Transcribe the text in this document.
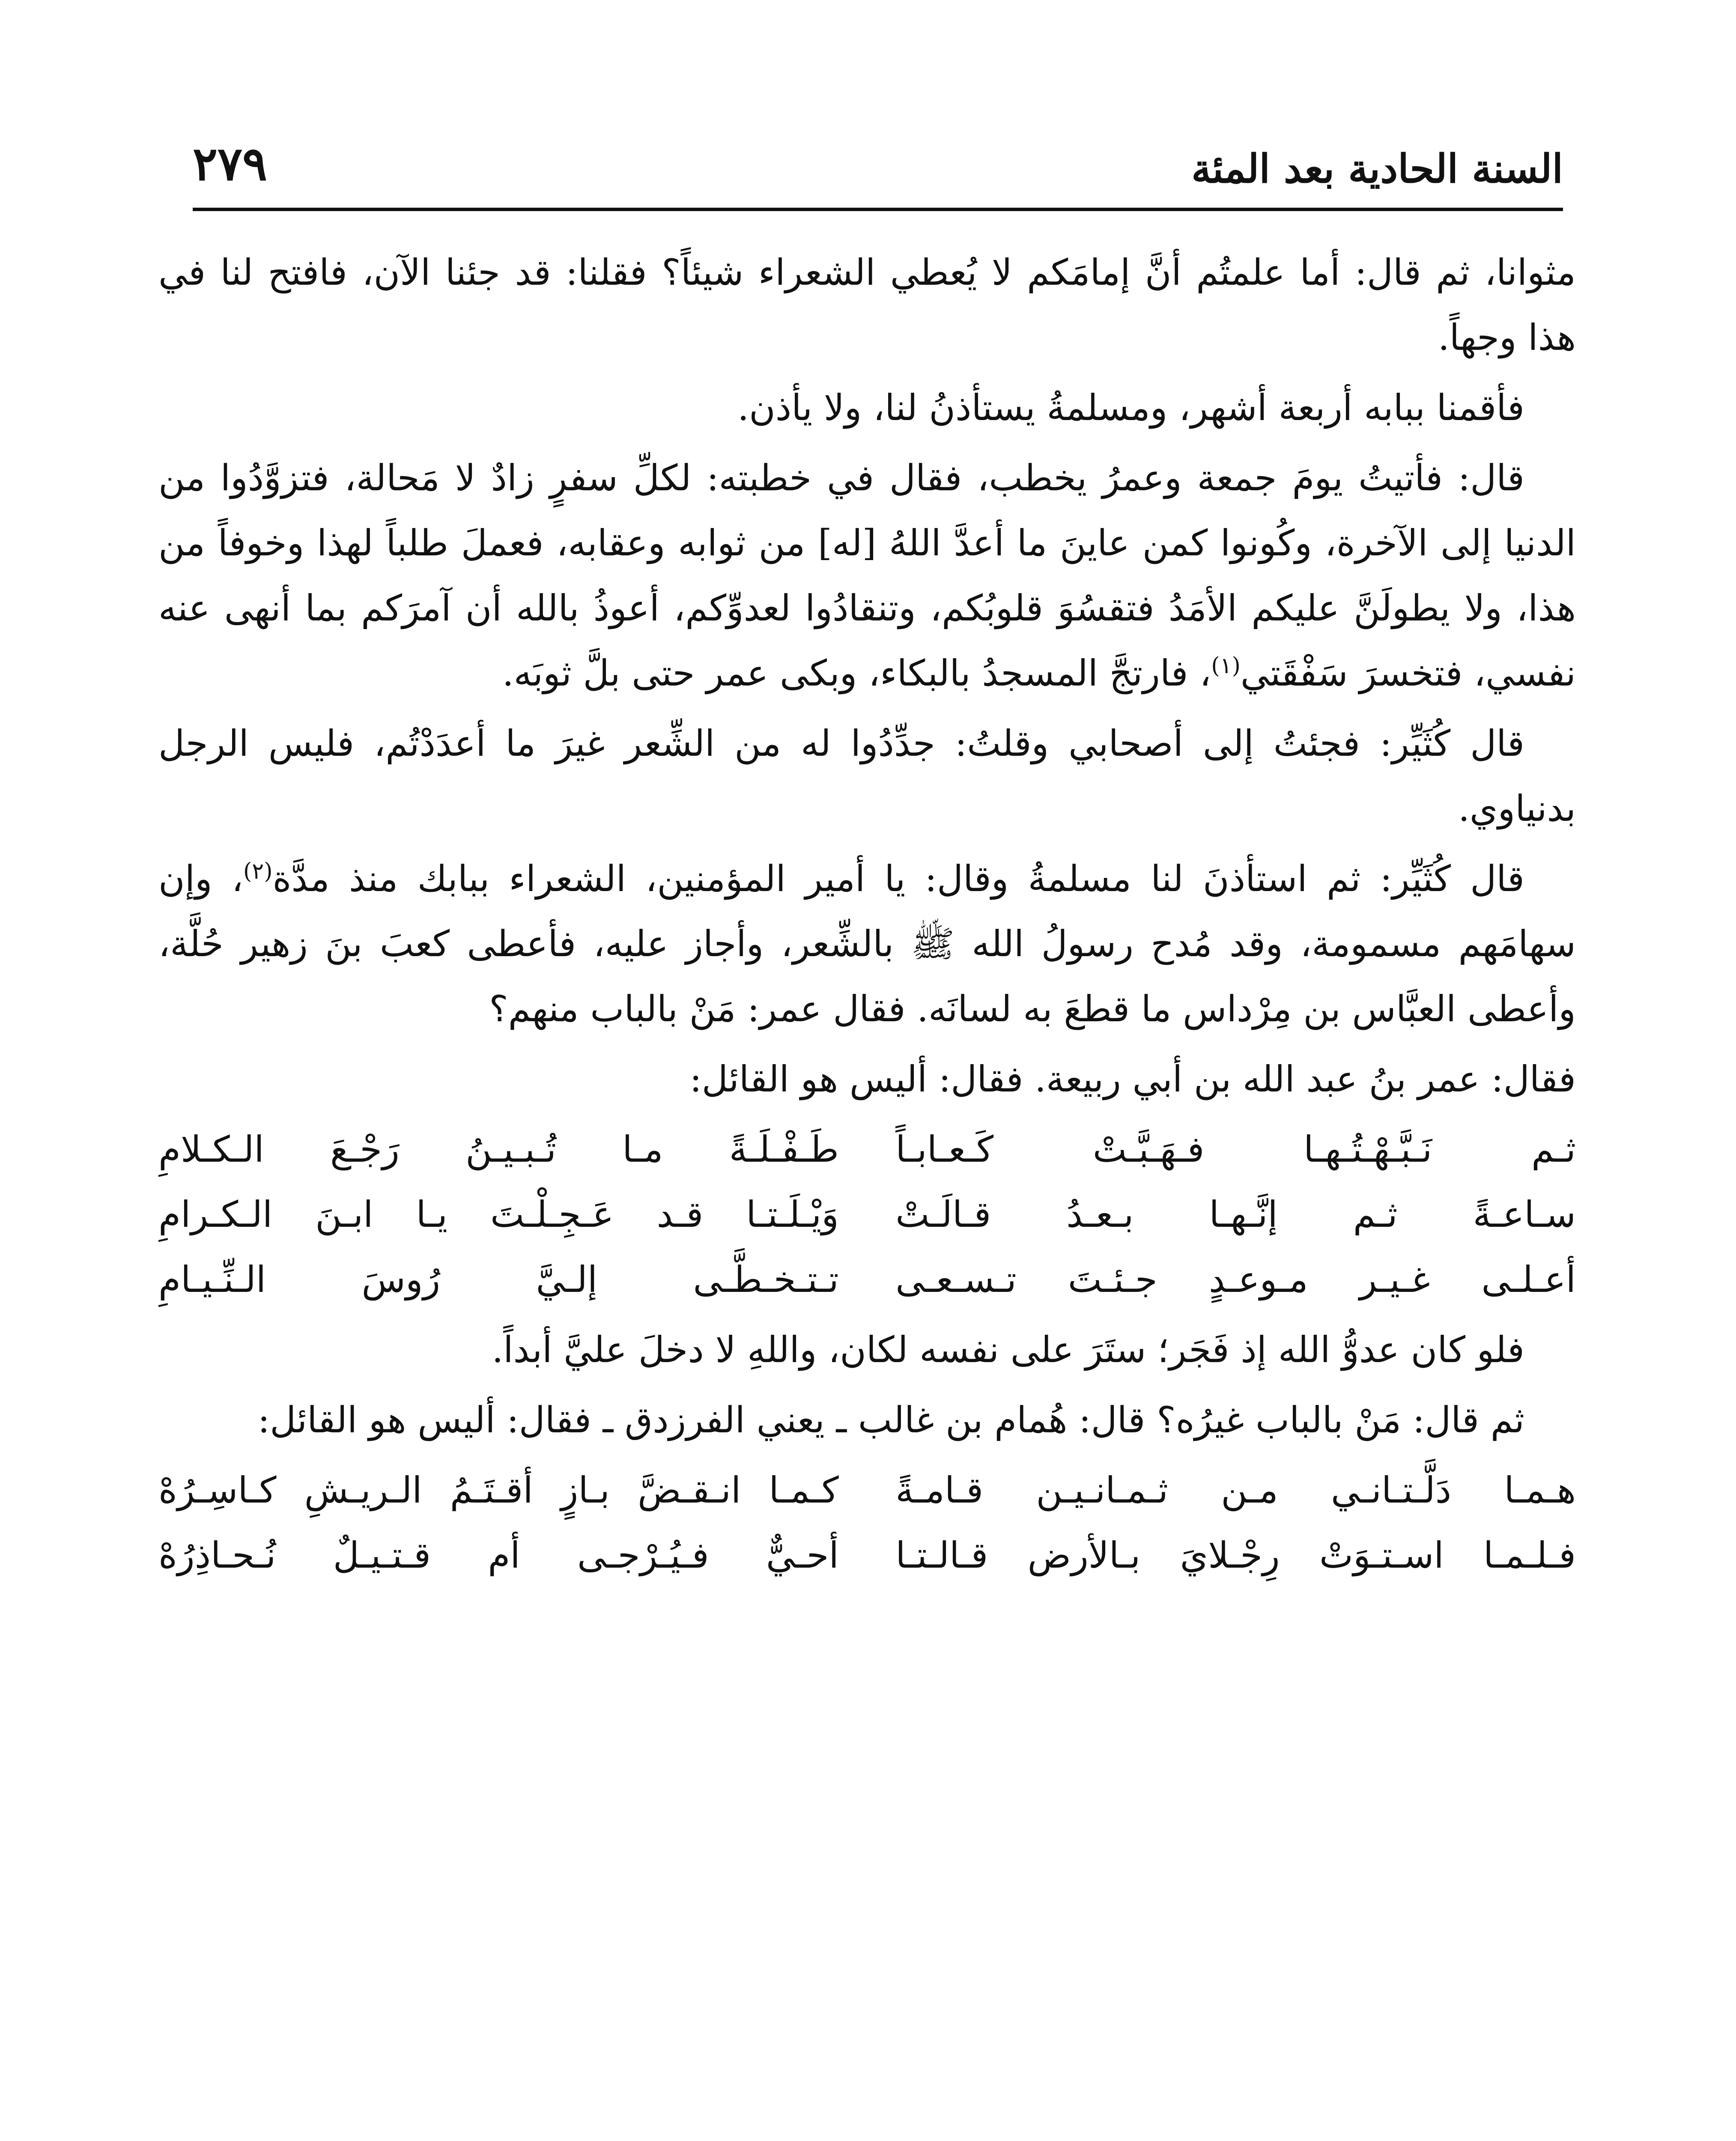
السنة الحادية بعد المئة
٢٧٩

مثوانا، ثم قال: أما علمتُم أنَّ إمامَكم لا يُعطي الشعراء شيئاً؟ فقلنا: قد جئنا الآن، فافتح لنا في هذا وجهاً.

فأقمنا ببابه أربعة أشهر، ومسلمةُ يستأذنُ لنا، ولا يأذن.

قال: فأتيتُ يومَ جمعة وعمرُ يخطب، فقال في خطبته: لكلِّ سفرٍ زادٌ لا مَحالة، فتزوَّدُوا من الدنيا إلى الآخرة، وكُونوا كمن عاينَ ما أعدَّ اللهُ [له] من ثوابه وعقابه، فعملَ طلباً لهذا وخوفاً من هذا، ولا يطولَنَّ عليكم الأمَدُ فتقسُوَ قلوبُكم، وتنقادُوا لعدوِّكم، أعوذُ بالله أن آمرَكم بما أنهى عنه نفسي، فتخسرَ سَفْقَتي$^{(١)}$، فارتجَّ المسجدُ بالبكاء، وبكى عمر حتى بلَّ ثوبَه.

قال كُثَيِّر: فجئتُ إلى أصحابي وقلتُ: جدِّدُوا له من الشِّعر غيرَ ما أعدَدْتُم، فليس الرجل بدنياوي.

قال كُثَيِّر: ثم استأذنَ لنا مسلمةُ وقال: يا أمير المؤمنين، الشعراء ببابك منذ مدَّة$^{(٢)}$، وإن سهامَهم مسمومة، وقد مُدح رسولُ الله ﷺ بالشِّعر، وأجاز عليه، فأعطى كعبَ بنَ زهير حُلَّة، وأعطى العبَّاس بن مِرْداس ما قطعَ به لسانَه. فقال عمر: مَنْ بالباب منهم؟

فقال: عمر بنُ عبد الله بن أبي ربيعة. فقال: أليس هو القائل:

ثـم نَـبَّـهْـتُـهـا فـهَـبَّـتْ كَـعـابـاً
طَـفْـلَـةً مـا تُـبـيـنُ رَجْـعَ الـكـلامِ
سـاعـةً ثـم إنَّـهـا بـعـدُ قـالَـتْ
وَيْـلَـتـا قـد عَـجِـلْـتَ يـا ابـنَ الـكـرامِ
أعـلـى غـيـر مـوعـدٍ جـئـتَ تـسـعـى
تـتـخـطَّـى إلـيَّ رُوسَ الـنِّـيـامِ

فلو كان عدوُّ الله إذ فَجَر؛ ستَرَ على نفسه لكان، واللهِ لا دخلَ عليَّ أبداً.

ثم قال: مَنْ بالباب غيرُه؟ قال: هُمام بن غالب ـ يعني الفرزدق ـ فقال: أليس هو القائل:

هـمـا دَلَّـتـانـي مـن ثـمـانـيـن قـامـةً
كـمـا انـقـضَّ بـازٍ أقـتَـمُ الـريـشِ كـاسِـرُهْ
فـلـمـا اسـتـوَتْ رِجْـلايَ بـالأرض قـالـتـا
أحـيٌّ فـيُـرْجـى أم قـتـيـلٌ نُـحـاذِرُهْ
